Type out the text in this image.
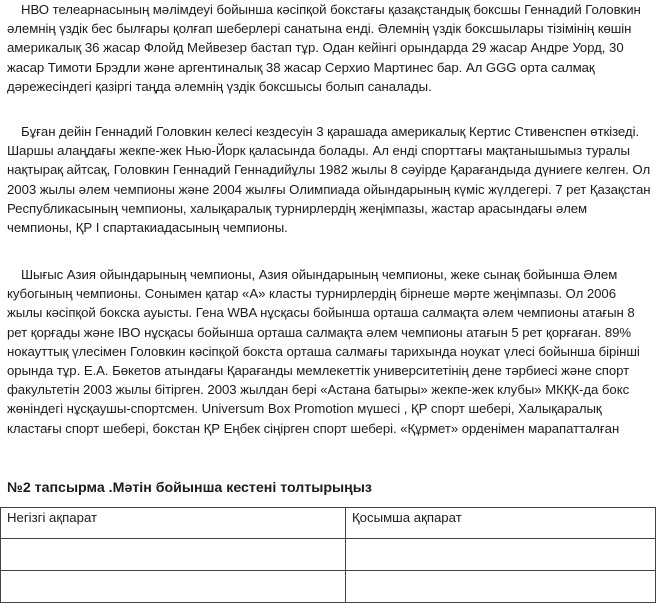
НВО телеарнасының мәлімдеуі бойынша кәсіпқой бокстағы қазақстандық боксшы Геннадий Головкин әлемнің үздік бес былғары қолғап шеберлері санатына енді. Әлемнің үздік боксшылары тізімінің көшін америкалық 36 жасар Флойд Мейвезер бастап тұр. Одан кейінгі орындарда 29 жасар Андре Уорд, 30 жасар Тимоти Брэдли және аргентиналық 38 жасар Серхио Мартинес бар. Ал GGG орта салмақ дәрежесіндегі қазіргі таңда әлемнің үздік боксшысы болып саналады.

Бұған дейін Геннадий Головкин келесі кездесуін 3 қарашада америкалық Кертис Стивенспен өткізеді. Шаршы алаңдағы жекпе-жек Нью-Йорк қаласында болады. Ал енді спорттағы мақтанышымыз туралы нақтырақ айтсақ, Головкин Геннадий Геннадийұлы 1982 жылы 8 сәуірде Қарағандыда дүниеге келген. Ол 2003 жылы әлем чемпионы және 2004 жылғы Олимпиада ойындарының күміс жүлдегері. 7 рет Қазақстан Республикасының чемпионы, халықаралық турнирлердің жеңімпазы, жастар арасындағы әлем чемпионы, ҚР І спартакиадасының чемпионы.

Шығыс Азия ойындарының чемпионы, Азия ойындарының чемпионы, жеке сынақ бойынша Әлем кубогының чемпионы. Сонымен қатар «А» класты турнирлердің бірнеше мәрте жеңімпазы. Ол 2006 жылы кәсіпқой бокска ауысты. Гена WBA нұсқасы бойынша орташа салмақта әлем чемпионы атағын 8 рет қорғады және IBO нұсқасы бойынша орташа салмақта әлем чемпионы атағын 5 рет қорғаған. 89% нокауттық үлесімен Головкин кәсіпқой бокста орташа салмағы тарихында ноукат үлесі бойынша бірінші орында тұр. Е.А. Бөкетов атындағы Қарағанды мемлекеттік университетінің дене тәрбиесі және спорт факультетін 2003 жылы бітірген. 2003 жылдан бері «Астана батыры» жекпе-жек клубы» МКҚК-да бокс жөніндегі нұсқаушы-спортсмен. Universum Box Promotion мүшесі , ҚР спорт шебері, Халықаралық кластағы спорт шебері, бокстан ҚР Еңбек сіңірген спорт шебері. «Құрмет» орденімен марапатталған

№2 тапсырма .Мәтін бойынша кестені толтырыңыз
Негізгі ақпарат	Қосымша ақпарат
